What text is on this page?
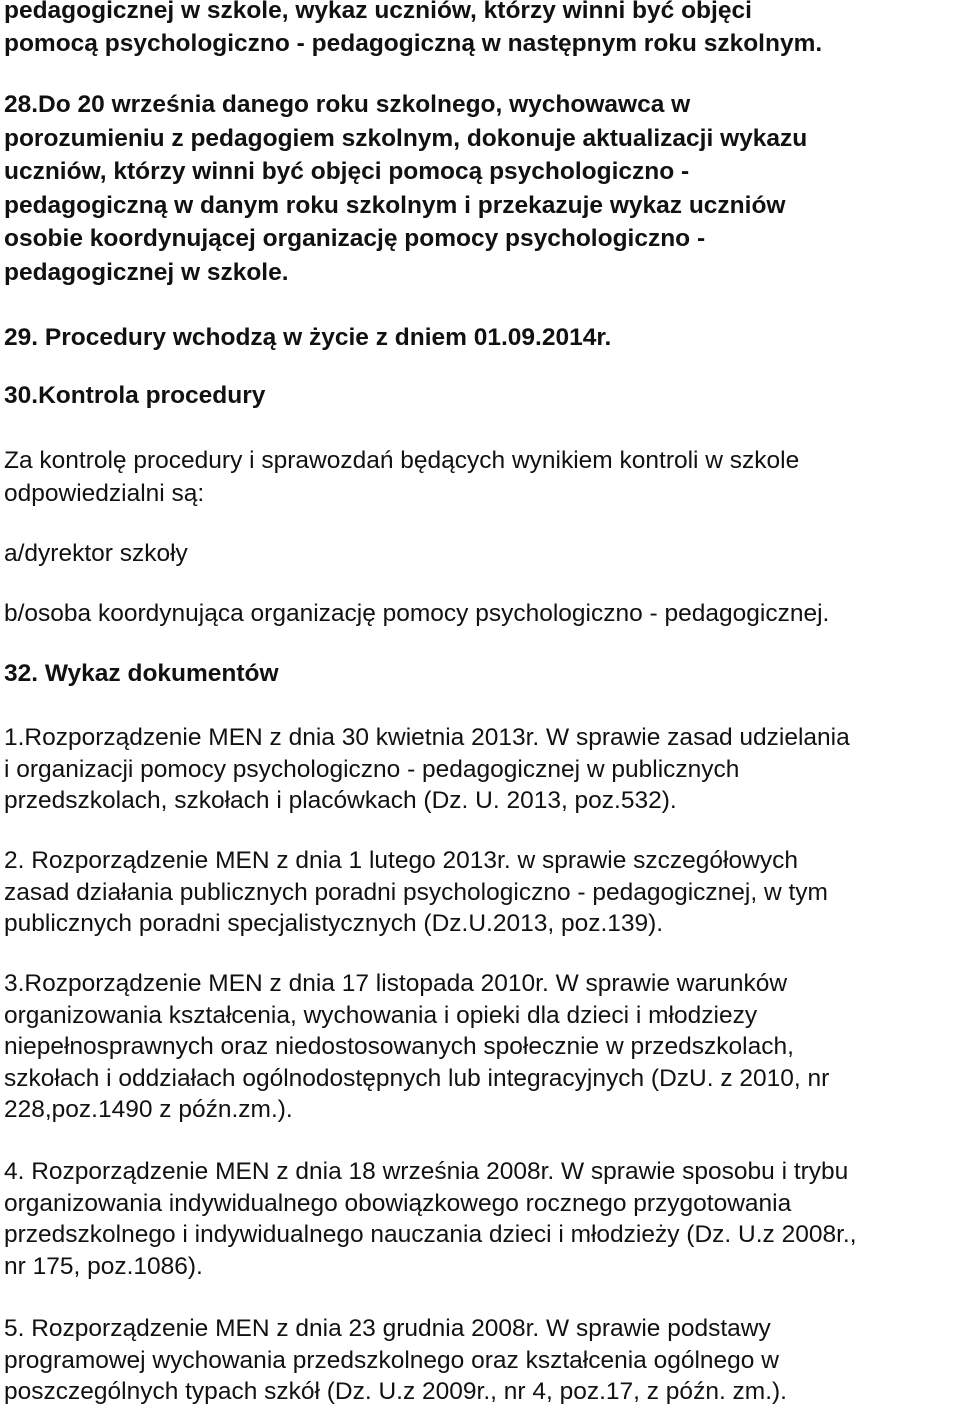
pedagogicznej w szkole, wykaz uczniów, którzy winni być objęci
pomocą psychologiczno - pedagogiczną w następnym roku szkolnym.

28.Do 20 września danego roku szkolnego, wychowawca w
porozumieniu z pedagogiem szkolnym, dokonuje aktualizacji wykazu
uczniów, którzy winni być objęci pomocą psychologiczno -
pedagogiczną w danym roku szkolnym i przekazuje wykaz uczniów
osobie koordynującej organizację pomocy psychologiczno -
pedagogicznej w szkole.

29. Procedury wchodzą w życie z dniem 01.09.2014r.

30.Kontrola procedury

Za kontrolę procedury i sprawozdań będących wynikiem kontroli w szkole
odpowiedzialni są:

a/dyrektor szkoły

b/osoba koordynująca organizację pomocy psychologiczno - pedagogicznej.

32. Wykaz dokumentów

1.Rozporządzenie MEN z dnia 30 kwietnia 2013r. W sprawie zasad udzielania
i organizacji pomocy psychologiczno - pedagogicznej w publicznych
przedszkolach, szkołach i placówkach (Dz. U. 2013, poz.532).

2. Rozporządzenie MEN z dnia 1 lutego 2013r. w sprawie szczegółowych
zasad działania publicznych poradni psychologiczno - pedagogicznej, w tym
publicznych poradni specjalistycznych (Dz.U.2013, poz.139).

3.Rozporządzenie MEN z dnia 17 listopada 2010r. W sprawie warunków
organizowania kształcenia, wychowania i opieki dla dzieci i młodziezy
niepełnosprawnych oraz niedostosowanych społecznie w przedszkolach,
szkołach i oddziałach ogólnodostępnych lub integracyjnych (DzU. z 2010, nr
228,poz.1490 z późn.zm.).

4. Rozporządzenie MEN z dnia 18 września 2008r. W sprawie sposobu i trybu
organizowania indywidualnego obowiązkowego rocznego przygotowania
przedszkolnego i indywidualnego nauczania dzieci i młodzieży (Dz. U.z 2008r.,
nr 175, poz.1086).

5. Rozporządzenie MEN z dnia 23 grudnia 2008r. W sprawie podstawy
programowej wychowania przedszkolnego oraz kształcenia ogólnego w
poszczególnych typach szkół (Dz. U.z 2009r., nr 4, poz.17, z późn. zm.).
